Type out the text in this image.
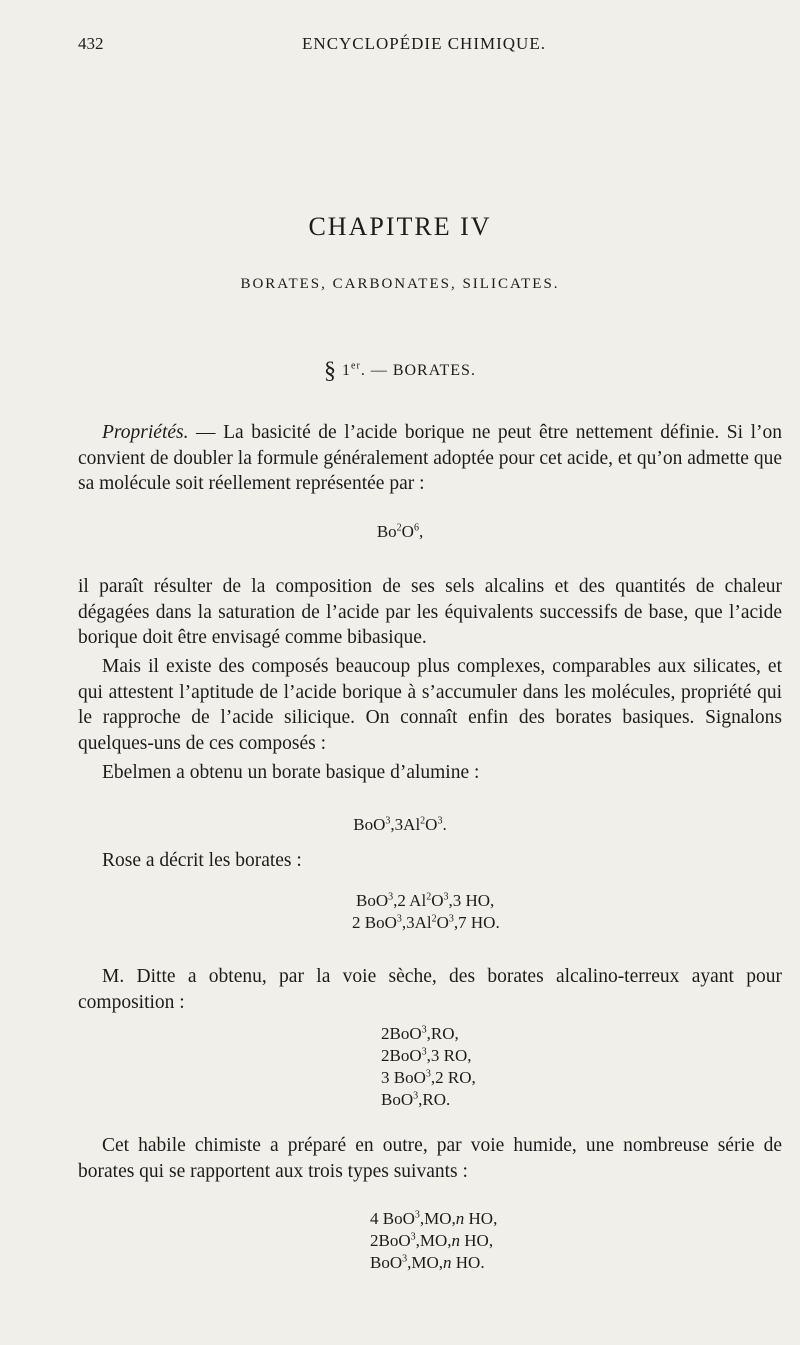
432	ENCYCLOPÉDIE CHIMIQUE.
CHAPITRE IV
BORATES, CARBONATES, SILICATES.
§ 1er. — BORATES.
Propriétés. — La basicité de l’acide borique ne peut être nettement définie. Si l’on convient de doubler la formule généralement adoptée pour cet acide, et qu’on admette que sa molécule soit réellement représentée par :
$Bo^2O^6$,
il paraît résulter de la composition de ses sels alcalins et des quantités de chaleur dégagées dans la saturation de l’acide par les équivalents successifs de base, que l’acide borique doit être envisagé comme bibasique.
Mais il existe des composés beaucoup plus complexes, comparables aux silicates, et qui attestent l’aptitude de l’acide borique à s’accumuler dans les molécules, propriété qui le rapproche de l’acide silicique. On connaît enfin des borates basiques. Signalons quelques-uns de ces composés :
Ebelmen a obtenu un borate basique d’alumine :
$BoO^3,3Al^2O^3$.
Rose a décrit les borates :
BoO$^3$,2 $Al^2O^3,3$ HO,
2 $BoO^3,3Al^2O^3,7$ HO.
M. Ditte a obtenu, par la voie sèche, des borates alcalino-terreux ayant pour composition :
2BoO$^3$,RO,
2BoO$^3$,3 RO,
3 BoO$^3$,2 RO,
BoO$^3$,RO.
Cet habile chimiste a préparé en outre, par voie humide, une nombreuse série de borates qui se rapportent aux trois types suivants :
4 BoO$^3$,MO,n HO,
2BoO$^3$,MO,n HO,
BoO$^3$,MO,n HO.
